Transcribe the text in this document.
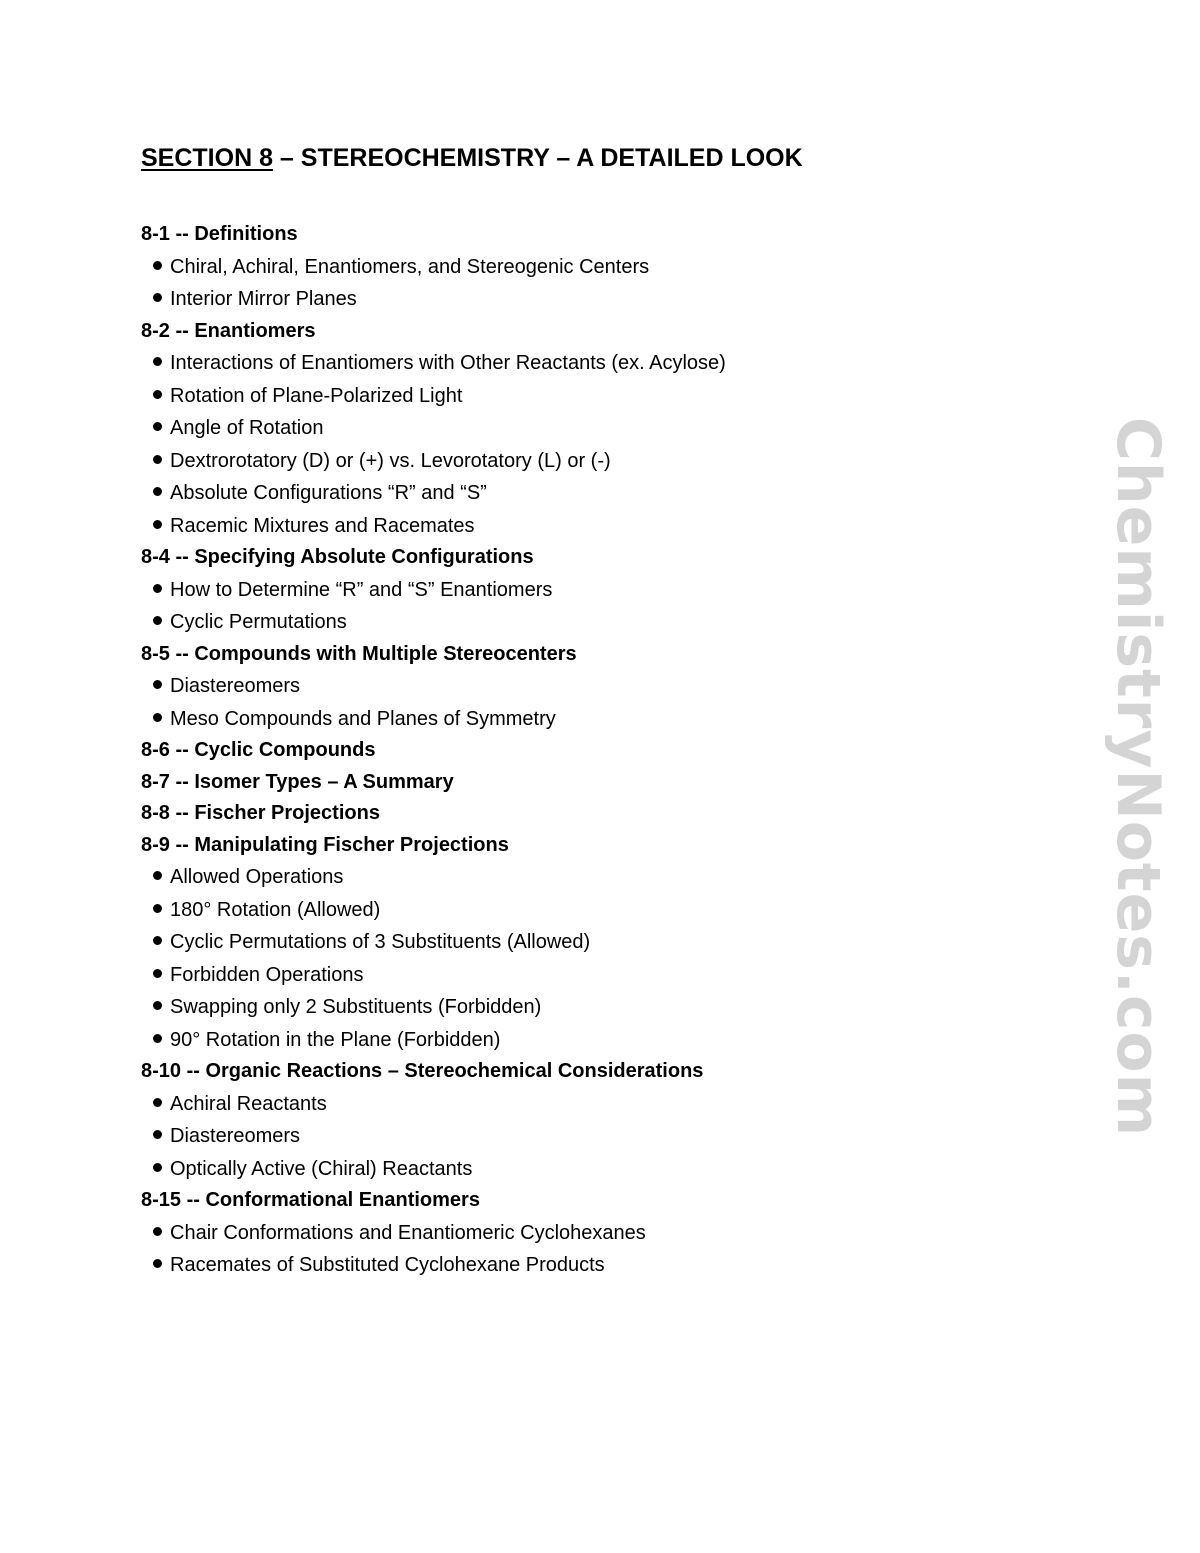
SECTION 8 – STEREOCHEMISTRY – A DETAILED LOOK
8-1 -- Definitions
Chiral, Achiral, Enantiomers, and Stereogenic Centers
Interior Mirror Planes
8-2 -- Enantiomers
Interactions of Enantiomers with Other Reactants (ex. Acylose)
Rotation of Plane-Polarized Light
Angle of Rotation
Dextrorotatory (D) or (+) vs. Levorotatory (L) or (-)
Absolute Configurations “R” and “S”
Racemic Mixtures and Racemates
8-4 -- Specifying Absolute Configurations
How to Determine “R” and “S” Enantiomers
Cyclic Permutations
8-5 -- Compounds with Multiple Stereocenters
Diastereomers
Meso Compounds and Planes of Symmetry
8-6 -- Cyclic Compounds
8-7 -- Isomer Types – A Summary
8-8 -- Fischer Projections
8-9 -- Manipulating Fischer Projections
Allowed Operations
180° Rotation (Allowed)
Cyclic Permutations of 3 Substituents (Allowed)
Forbidden Operations
Swapping only 2 Substituents (Forbidden)
90° Rotation in the Plane (Forbidden)
8-10 -- Organic Reactions – Stereochemical Considerations
Achiral Reactants
Diastereomers
Optically Active (Chiral) Reactants
8-15 -- Conformational Enantiomers
Chair Conformations and Enantiomeric Cyclohexanes
Racemates of Substituted Cyclohexane Products
ChemistryNotes.com
